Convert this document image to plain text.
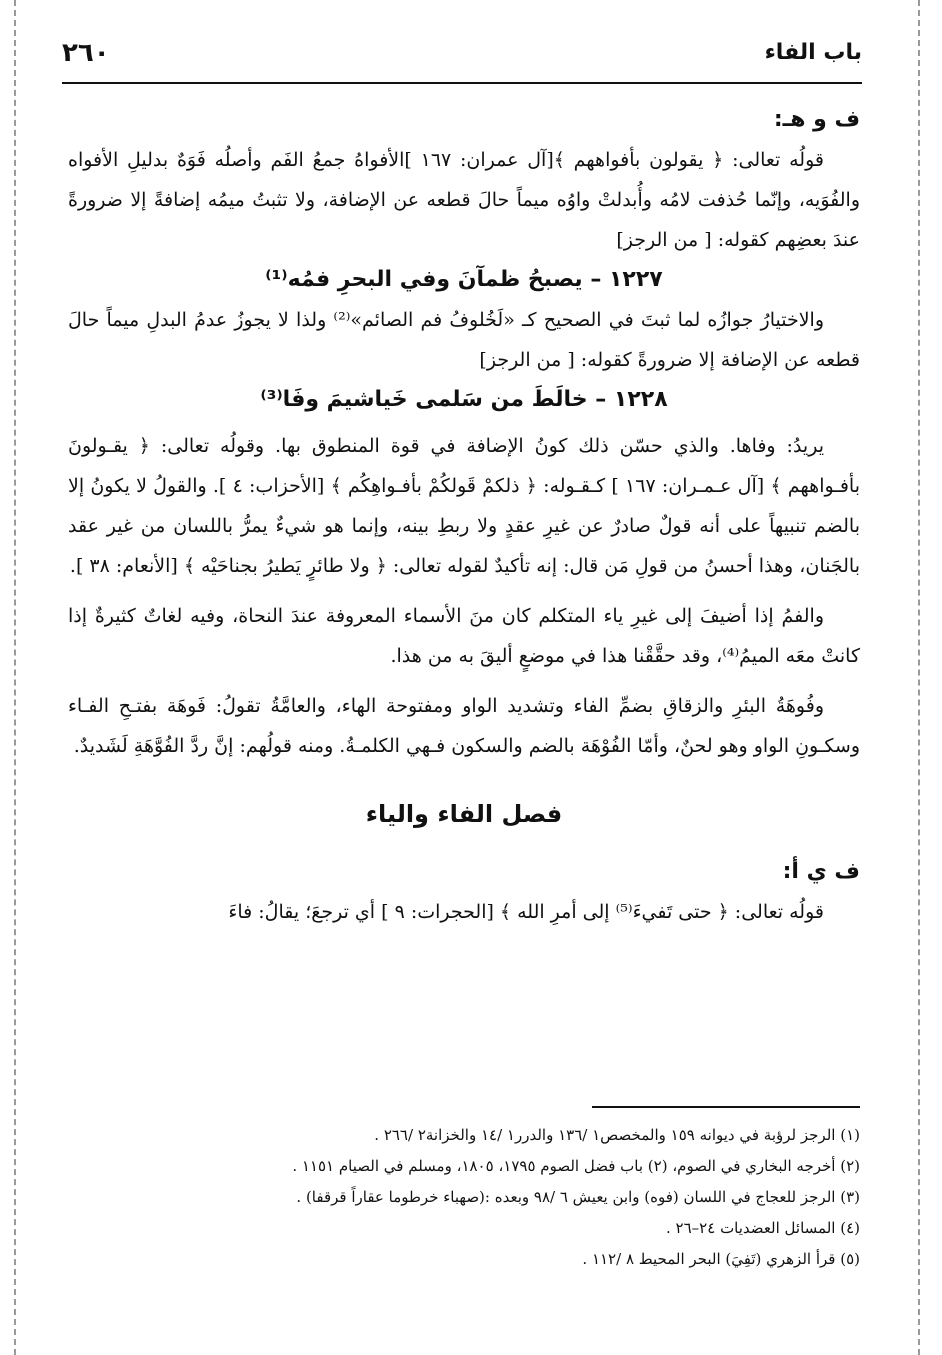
باب الفاء
٢٦٠

ف و هـ:

قولُه تعالى: ﴿ يقولون بأفواههم ﴾[آل عمران: ١٦٧ ]الأفواهُ جمعُ الفَم وأصلُه فَوَهٌ بدليلِ الأفواه والفُوَيه، وإنّما حُذفت لامُه وأُبدلتْ واوُه ميماً حالَ قطعه عن الإضافة، ولا تثبتُ ميمُه إضافةً إلا ضرورةً عندَ بعضِهم كقوله: [ من الرجز]

١٢٢٧ – يصبحُ ظمآنَ وفي البحرِ فمُه⁽¹⁾

والاختيارُ جوازُه لما ثبتَ في الصحيح كـ «لَخُلوفُ فم الصائم»⁽²⁾ ولذا لا يجوزُ عدمُ البدلِ ميماً حالَ قطعه عن الإضافة إلا ضرورةً كقوله: [ من الرجز]

١٢٢٨ – خالَطَ من سَلمى خَياشيمَ وفَا⁽³⁾

يريدُ: وفاها. والذي حسّن ذلك كونُ الإضافة في قوة المنطوق بها. وقولُه تعالى: ﴿ يقـولونَ بأفـواههم ﴾ [آل عـمـران: ١٦٧ ] كـقـوله: ﴿ ذلكمْ قَولكُمْ بأفـواهِكُم ﴾ [الأحزاب: ٤ ]. والقولُ لا يكونُ إلا بالضم تنبيهاً على أنه قولٌ صادرٌ عن غيرِ عقدٍ ولا ربطِ بينه، وإنما هو شيءٌ يمرُّ باللسان من غير عقد بالجَنان، وهذا أحسنُ من قولِ مَن قال: إنه تأكيدٌ لقوله تعالى: ﴿ ولا طائرٍ يَطيرُ بجناحَيْه ﴾ [الأنعام: ٣٨ ].

والفمُ إذا أضيفَ إلى غيرِ ياء المتكلم كان منَ الأسماء المعروفة عندَ النحاة، وفيه لغاتٌ كثيرةٌ إذا كانتْ معَه الميمُ⁽⁴⁾، وقد حقَّقْنا هذا في موضعٍ أليقَ به من هذا.

وفُوهَةُ البئرِ والزقاقِ بضمِّ الفاء وتشديد الواو ومفتوحة الهاء، والعامَّةُ تقولُ: فَوهَة بفتـحِ الفـاء وسكـونِ الواو وهو لحنٌ، وأمّا الفُوْهَة بالضم والسكون فـهي الكلمـةُ. ومنه قولُهم: إنَّ ردَّ الفُوَّهَةِ لَشَديدٌ.

فصل الفاء والياء

ف ي أ:

قولُه تعالى: ﴿ حتى تَفيءَ⁽⁵⁾ إلى أمرِ الله ﴾ [الحجرات: ٩ ] أي ترجعَ؛ يقالُ: فاءَ

(١) الرجز لرؤبة في ديوانه ١٥٩ والمخصص١ /١٣٦ والدرر١ /١٤ والخزانة٢ /٢٦٦ .

(٢) أخرجه البخاري في الصوم، (٢) باب فضل الصوم ١٧٩٥، ١٨٠٥، ومسلم في الصيام ١١٥١ .

(٣) الرجز للعجاج في اللسان (فوه) وابن يعيش ٦ /٩٨ وبعده :(صهباء خرطوما عقاراً قرقفا) .

(٤) المسائل العضديات ٢٤–٢٦ .

(٥) قرأ الزهري (تَفِيَ) البحر المحيط ٨ /١١٢ .
